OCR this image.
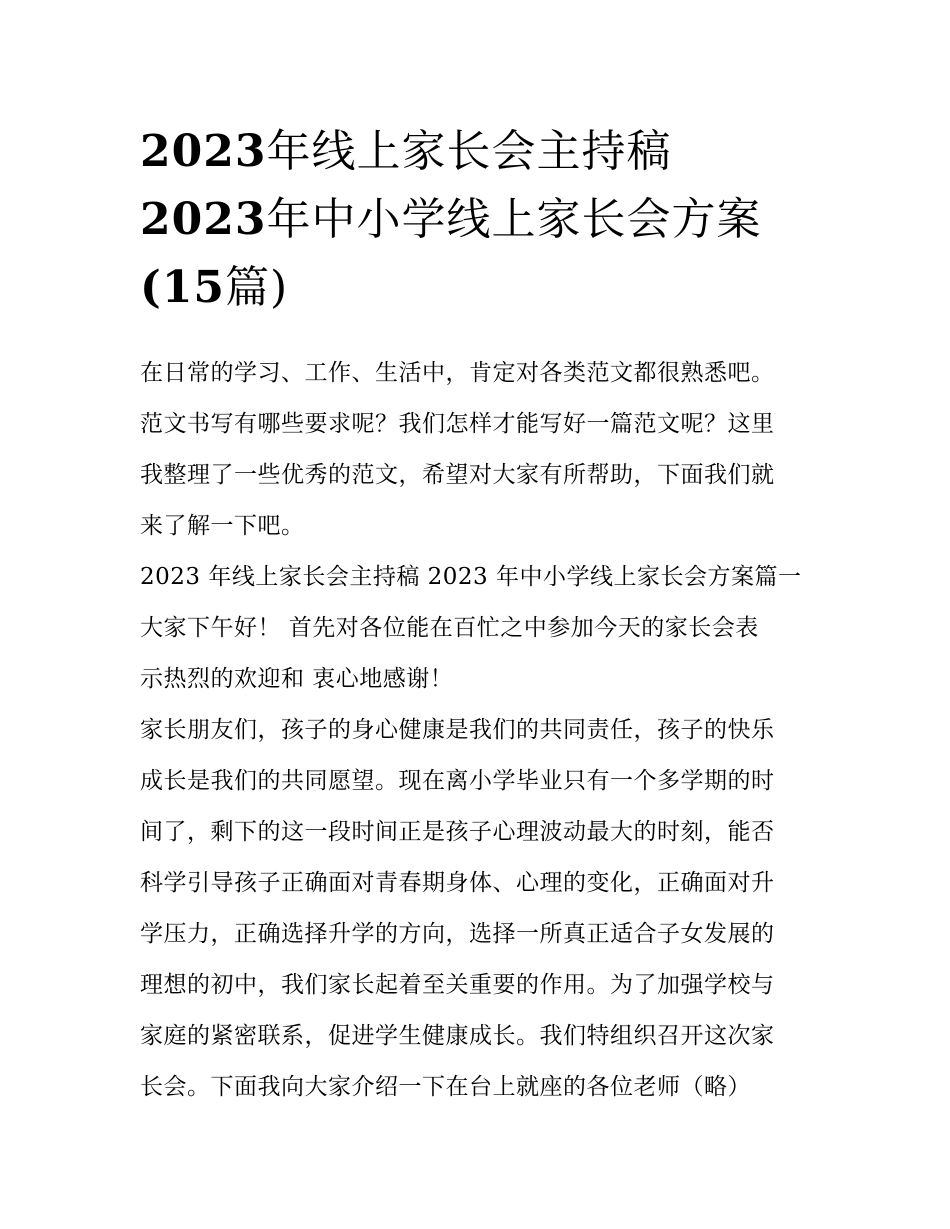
2023年线上家长会主持稿
2023年中小学线上家长会方案
(15篇)

在日常的学习、工作、生活中，肯定对各类范文都很熟悉吧。
范文书写有哪些要求呢？我们怎样才能写好一篇范文呢？这里
我整理了一些优秀的范文，希望对大家有所帮助，下面我们就
来了解一下吧。

2023 年线上家长会主持稿 2023 年中小学线上家长会方案篇一

大家下午好！ 首先对各位能在百忙之中参加今天的家长会表
示热烈的欢迎和 衷心地感谢！

家长朋友们，孩子的身心健康是我们的共同责任，孩子的快乐
成长是我们的共同愿望。现在离小学毕业只有一个多学期的时
间了，剩下的这一段时间正是孩子心理波动最大的时刻，能否
科学引导孩子正确面对青春期身体、心理的变化，正确面对升
学压力，正确选择升学的方向，选择一所真正适合子女发展的
理想的初中，我们家长起着至关重要的作用。为了加强学校与
家庭的紧密联系，促进学生健康成长。我们特组织召开这次家
长会。下面我向大家介绍一下在台上就座的各位老师（略）
